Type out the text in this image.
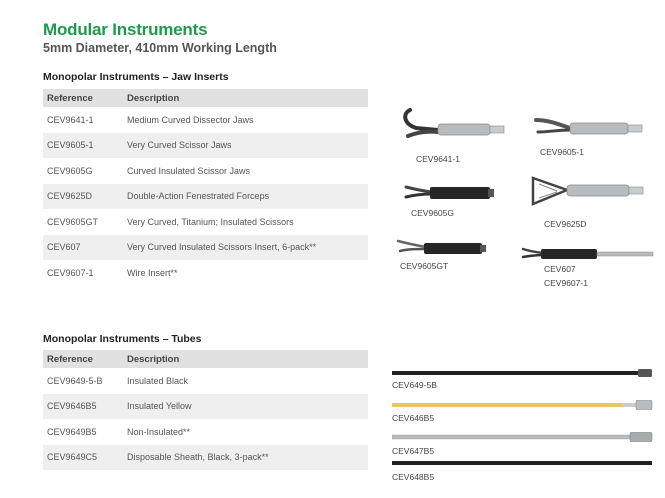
Modular Instruments
5mm Diameter, 410mm Working Length
Monopolar Instruments – Jaw Inserts
Reference	Description
CEV9641-1	Medium Curved Dissector Jaws
CEV9605-1	Very Curved Scissor Jaws
CEV9605G	Curved Insulated Scissor Jaws
CEV9625D	Double-Action Fenestrated Forceps
CEV9605GT	Very Curved, Titanium; Insulated Scissors
CEV607	Very Curved Insulated Scissors Insert, 6-pack**
CEV9607-1	Wire Insert**
CEV9641-1
CEV9605-1
CEV9605G
CEV9625D
CEV9605GT	CEV607
CEV9607-1
Monopolar Instruments – Tubes
Reference	Description
CEV9649-5-B	Insulated Black
CEV9646B5	Insulated Yellow
CEV9649B5	Non-Insulated**
CEV9649C5	Disposable Sheath, Black, 3-pack**
CEV649-5B
CEV646B5
CEV647B5
CEV648B5
